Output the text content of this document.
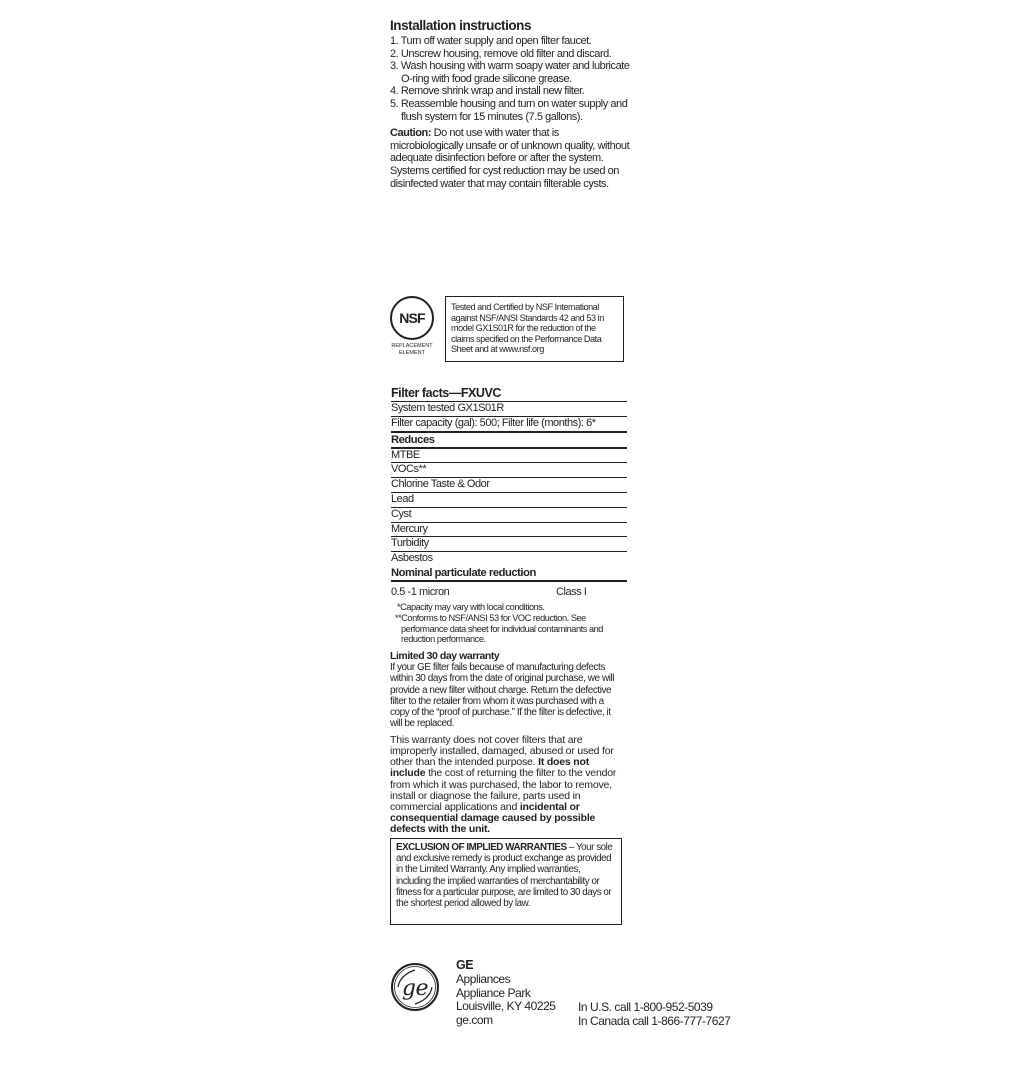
Installation instructions
1. Turn off water supply and open filter faucet.
2. Unscrew housing, remove old filter and discard.
3. Wash housing with warm soapy water and lubricate O-ring with food grade silicone grease.
4. Remove shrink wrap and install new filter.
5. Reassemble housing and turn on water supply and flush system for 15 minutes (7.5 gallons).
Caution: Do not use with water that is microbiologically unsafe or of unknown quality, without adequate disinfection before or after the system. Systems certified for cyst reduction may be used on disinfected water that may contain filterable cysts.
NSF
REPLACEMENT ELEMENT
Tested and Certified by NSF International against NSF/ANSI Standards 42 and 53 in model GX1S01R for the reduction of the claims specified on the Performance Data Sheet and at www.nsf.org
Filter facts—FXUVC
System tested GX1S01R
Filter capacity (gal): 500; Filter life (months): 6*
Reduces
MTBE
VOCs**
Chlorine Taste & Odor
Lead
Cyst
Mercury
Turbidity
Asbestos
Nominal particulate reduction
0.5 -1 micron	Class I
*Capacity may vary with local conditions.
**Conforms to NSF/ANSI 53 for VOC reduction. See performance data sheet for individual contaminants and reduction performance.
Limited 30 day warranty

If your GE filter fails because of manufacturing defects within 30 days from the date of original purchase, we will provide a new filter without charge. Return the defective filter to the retailer from whom it was purchased with a copy of the “proof of purchase.” If the filter is defective, it will be replaced.

This warranty does not cover filters that are improperly installed, damaged, abused or used for other than the intended purpose. It does not include the cost of returning the filter to the vendor from which it was purchased, the labor to remove, install or diagnose the failure, parts used in commercial applications and incidental or consequential damage caused by possible defects with the unit.

EXCLUSION OF IMPLIED WARRANTIES – Your sole and exclusive remedy is product exchange as provided in the Limited Warranty. Any implied warranties, including the implied warranties of merchantability or fitness for a particular purpose, are limited to 30 days or the shortest period allowed by law.
ge
GE
Appliances
Appliance Park
Louisville, KY 40225
ge.com
In U.S. call 1-800-952-5039
In Canada call 1-866-777-7627
